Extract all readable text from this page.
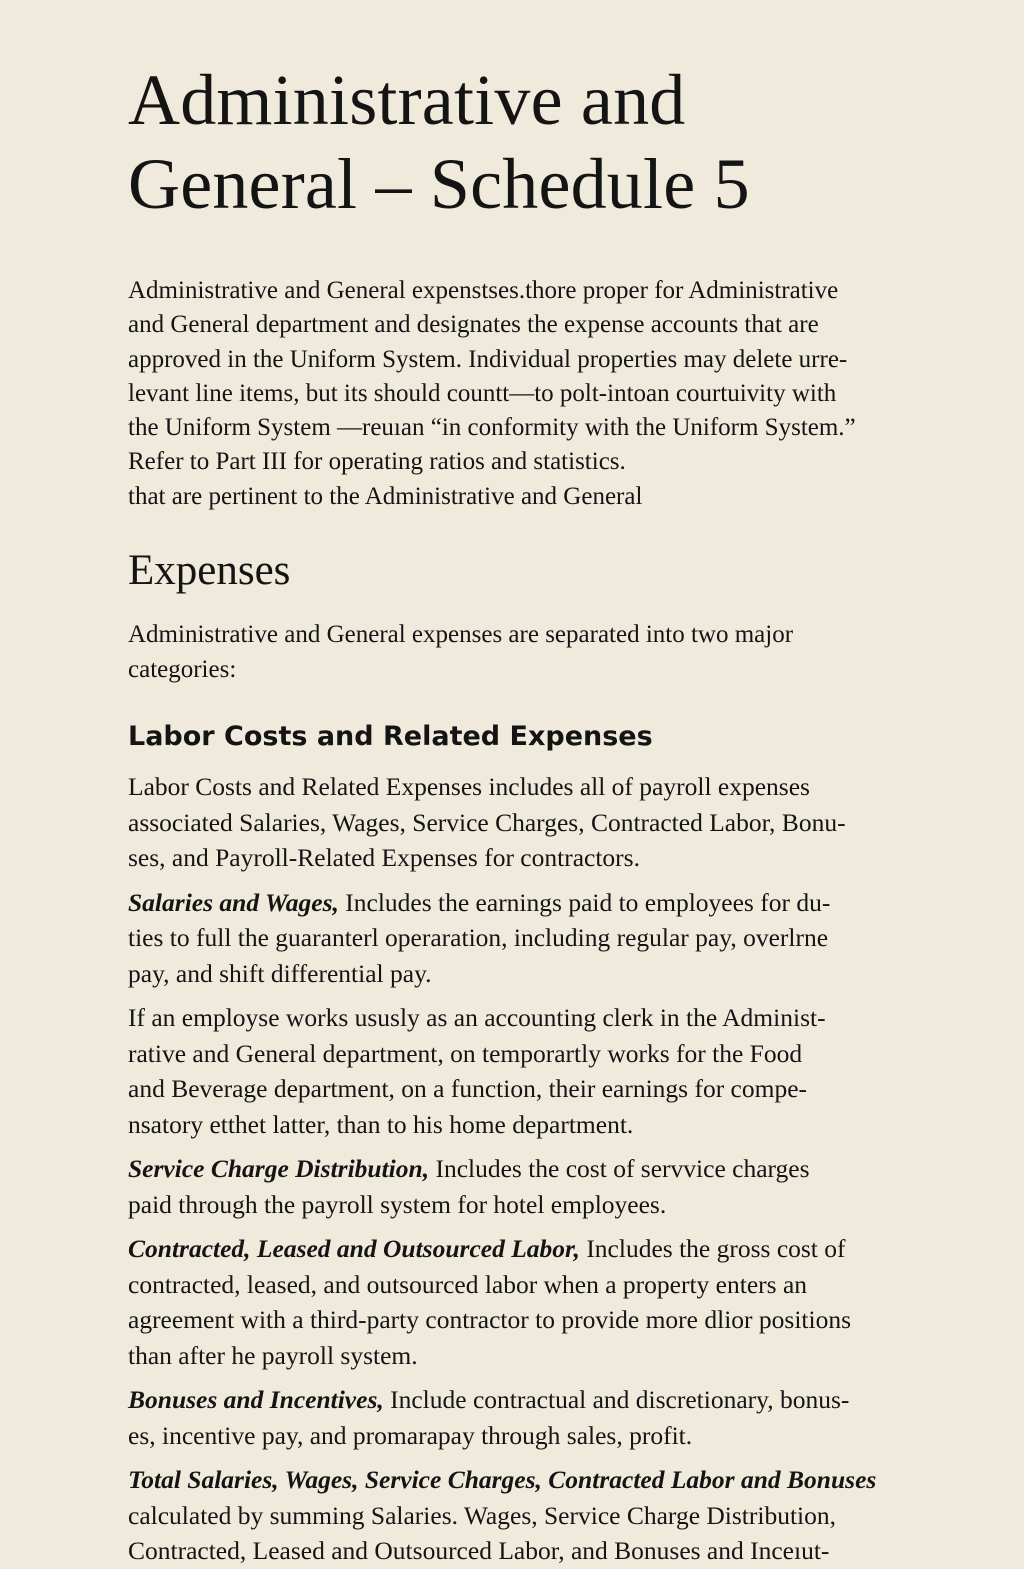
Administrative and
General – Schedule 5
Administrative and General expenstses.thore proper for Administrative
and General department and designates the expense accounts that are
approved in the Uniform System. Individual properties may delete urre-
levant line items, but its should countt—to polt-intoan courtuivity with
the Uniform System —reuıan “in conformity with the Uniform System.”
Refer to Part III for operating ratios and statistics.
that are pertinent to the Administrative and General
Expenses
Administrative and General expenses are separated into two major
categories:
Labor Costs and Related Expenses
Labor Costs and Related Expenses includes all of payroll expenses
associated Salaries, Wages, Service Charges, Contracted Labor, Bonu-
ses, and Payroll-Related Expenses for contractors.
Salaries and Wages, Includes the earnings paid to employees for du-
ties to full the guaranterl operaration, including regular pay, overlrne
pay, and shift differential pay.
If an employse works ususly as an accounting clerk in the Administ-
rative and General department, on temporartly works for the Food
and Beverage department, on a function, their earnings for compe-
nsatory etthet latter, than to his home department.
Service Charge Distribution, Includes the cost of servvice charges
paid through the payroll system for hotel employees.
Contracted, Leased and Outsourced Labor, Includes the gross cost of
contracted, leased, and outsourced labor when a property enters an
agreement with a third-party contractor to provide more dlior positions
than after he payroll system.
Bonuses and Incentives, Include contractual and discretionary, bonus-
es, incentive pay, and promarapay through sales, profit.
Total Salaries, Wages, Service Charges, Contracted Labor and Bonuses
calculated by summing Salaries. Wages, Service Charge Distribution,
Contracted, Leased and Outsourced Labor, and Bonuses and Inceıut-
